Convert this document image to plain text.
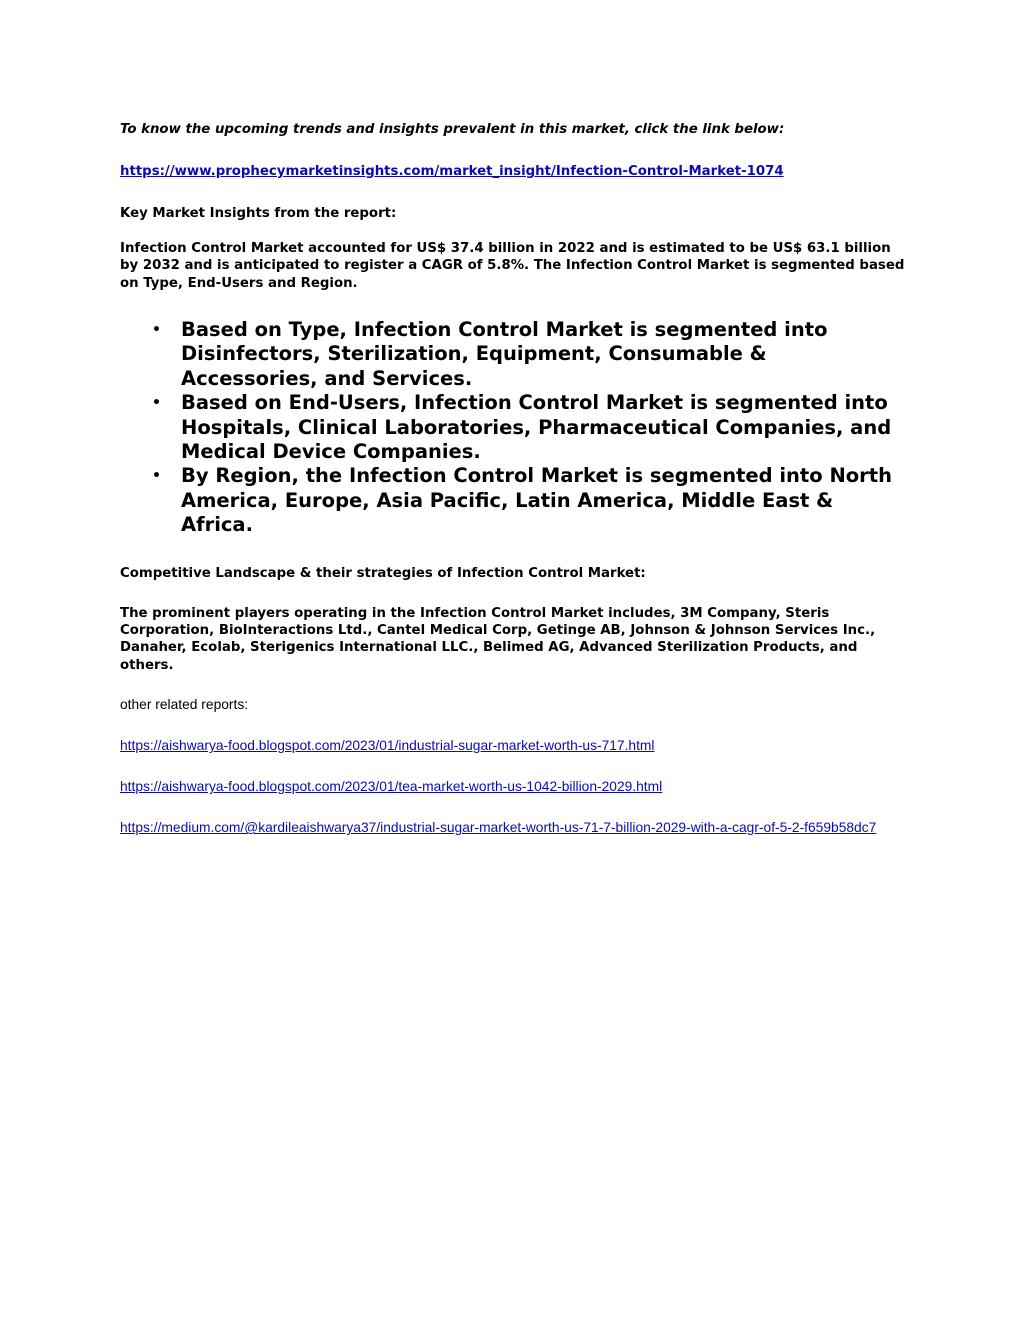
To know the upcoming trends and insights prevalent in this market, click the link below:

https://www.prophecymarketinsights.com/market_insight/Infection-Control-Market-1074

Key Market Insights from the report:

Infection Control Market accounted for US$ 37.4 billion in 2022 and is estimated to be US$ 63.1 billion by 2032 and is anticipated to register a CAGR of 5.8%. The Infection Control Market is segmented based on Type, End-Users and Region.

• Based on Type, Infection Control Market is segmented into Disinfectors, Sterilization, Equipment, Consumable & Accessories, and Services.
• Based on End-Users, Infection Control Market is segmented into Hospitals, Clinical Laboratories, Pharmaceutical Companies, and Medical Device Companies.
• By Region, the Infection Control Market is segmented into North America, Europe, Asia Pacific, Latin America, Middle East & Africa.

Competitive Landscape & their strategies of Infection Control Market:

The prominent players operating in the Infection Control Market includes, 3M Company, Steris Corporation, BioInteractions Ltd., Cantel Medical Corp, Getinge AB, Johnson & Johnson Services Inc., Danaher, Ecolab, Sterigenics International LLC., Belimed AG, Advanced Sterilization Products, and others.

other related reports:

https://aishwarya-food.blogspot.com/2023/01/industrial-sugar-market-worth-us-717.html
https://aishwarya-food.blogspot.com/2023/01/tea-market-worth-us-1042-billion-2029.html
https://medium.com/@kardileaishwarya37/industrial-sugar-market-worth-us-71-7-billion-2029-with-a-cagr-of-5-2-f659b58dc7
